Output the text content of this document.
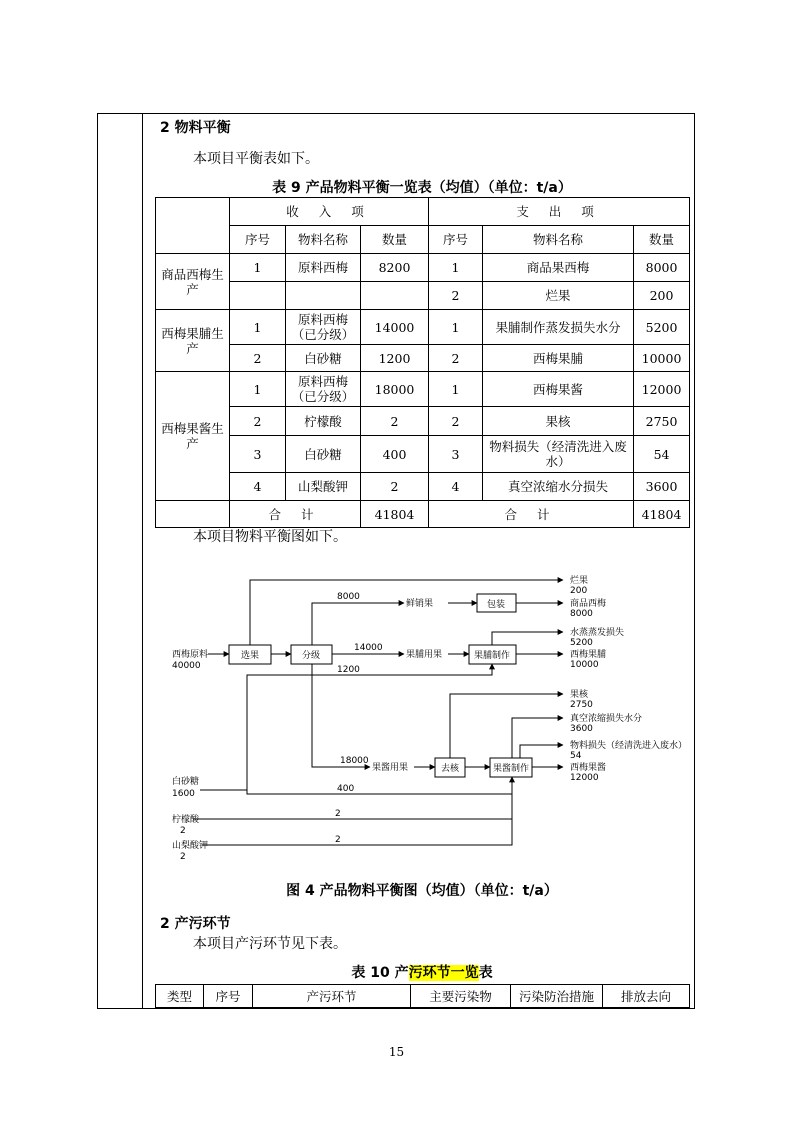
2 物料平衡
本项目平衡表如下。
表 9 产品物料平衡一览表（均值）（单位：t/a）
	收 入 项			支 出 项		
	序号	物料名称	数量	序号	物料名称	数量
商品西梅生产	1	原料西梅	8200	1	商品果西梅	8000
				2	烂果	200
西梅果脯生产	1	原料西梅（已分级）	14000	1	果脯制作蒸发损失水分	5200
	2	白砂糖	1200	2	西梅果脯	10000
西梅果酱生产	1	原料西梅（已分级）	18000	1	西梅果酱	12000
	2	柠檬酸	2	2	果核	2750
	3	白砂糖	400	3	物料损失（经清洗进入废水）	54
	4	山梨酸钾	2	4	真空浓缩水分损失	3600
	合 计		41804	合 计		41804
本项目物料平衡图如下。
选果	分级
包装
果脯制作
去核	果酱制作
西梅原料
40000
鲜销果
果脯用果
果酱用果
8000
14000
1200
18000
400
2
2
白砂糖
1600
柠檬酸
2
山梨酸钾
2
烂果
200
商品西梅
8000
水蒸蒸发损失
5200
西梅果脯
10000
果核
2750
真空浓缩损失水分
3600
物料损失（经清洗进入废水）
54
西梅果酱
12000
图 4 产品物料平衡图（均值）（单位：t/a）
2 产污环节
本项目产污环节见下表。
表 10 产污环节一览表
类型	序号	产污环节	主要污染物	污染防治措施	排放去向
15
